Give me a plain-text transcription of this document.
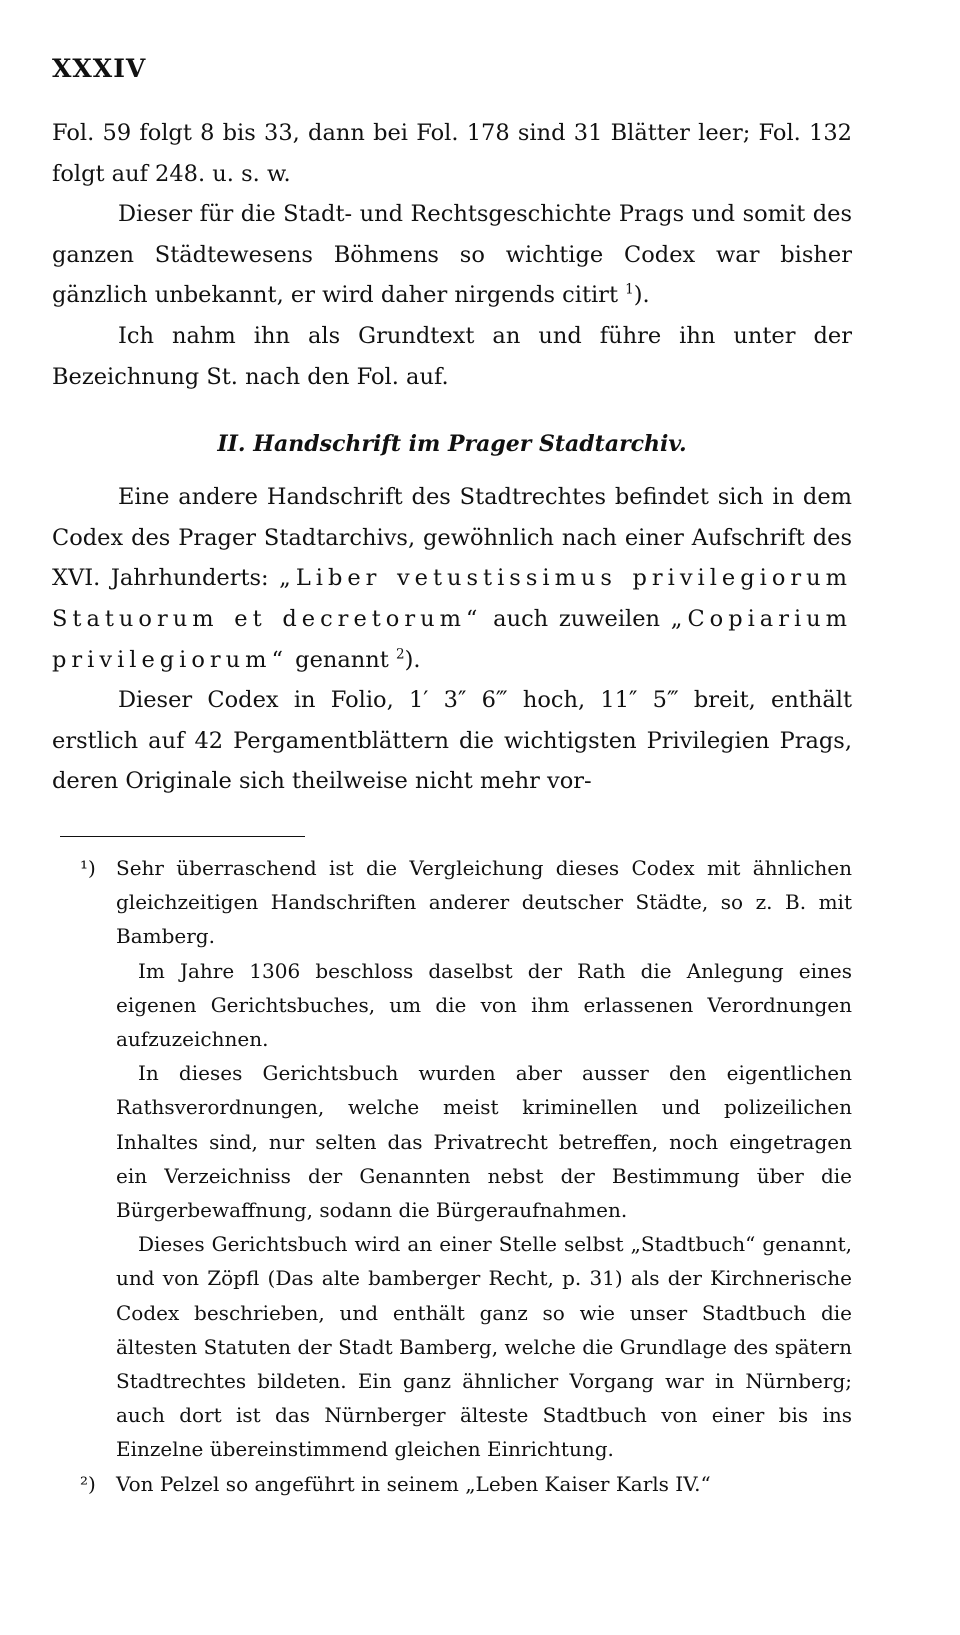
XXXIV

Fol. 59 folgt 8 bis 33, dann bei Fol. 178 sind 31 Blätter leer; Fol. 132 folgt auf 248. u. s. w.

Dieser für die Stadt- und Rechtsgeschichte Prags und somit des ganzen Städtewesens Böhmens so wichtige Codex war bisher gänzlich unbekannt, er wird daher nirgends citirt $^1$).

Ich nahm ihn als Grundtext an und führe ihn unter der Bezeichnung St. nach den Fol. auf.

II. Handschrift im Prager Stadtarchiv.

Eine andere Handschrift des Stadtrechtes befindet sich in dem Codex des Prager Stadtarchivs, gewöhnlich nach einer Aufschrift des XVI. Jahrhunderts: „Liber vetustissimus privilegiorum Statuorum et decretorum“ auch zuweilen „Copiarium privilegiorum“ genannt $^2$).

Dieser Codex in Folio, 1′ 3″ 6‴ hoch, 11″ 5‴ breit, enthält erstlich auf 42 Pergamentblättern die wichtigsten Privilegien Prags, deren Originale sich theilweise nicht mehr vor-

¹) Sehr überraschend ist die Vergleichung dieses Codex mit ähnlichen gleichzeitigen Handschriften anderer deutscher Städte, so z. B. mit Bamberg.

Im Jahre 1306 beschloss daselbst der Rath die Anlegung eines eigenen Gerichtsbuches, um die von ihm erlassenen Verordnungen aufzuzeichnen.

In dieses Gerichtsbuch wurden aber ausser den eigentlichen Rathsverordnungen, welche meist kriminellen und polizeilichen Inhaltes sind, nur selten das Privatrecht betreffen, noch eingetragen ein Verzeichniss der Genannten nebst der Bestimmung über die Bürgerbewaffnung, sodann die Bürgeraufnahmen.

Dieses Gerichtsbuch wird an einer Stelle selbst „Stadtbuch“ genannt, und von Zöpfl (Das alte bamberger Recht, p. 31) als der Kirchnerische Codex beschrieben, und enthält ganz so wie unser Stadtbuch die ältesten Statuten der Stadt Bamberg, welche die Grundlage des spätern Stadtrechtes bildeten. Ein ganz ähnlicher Vorgang war in Nürnberg; auch dort ist das Nürnberger älteste Stadtbuch von einer bis ins Einzelne übereinstimmend gleichen Einrichtung.

²) Von Pelzel so angeführt in seinem „Leben Kaiser Karls IV.“
